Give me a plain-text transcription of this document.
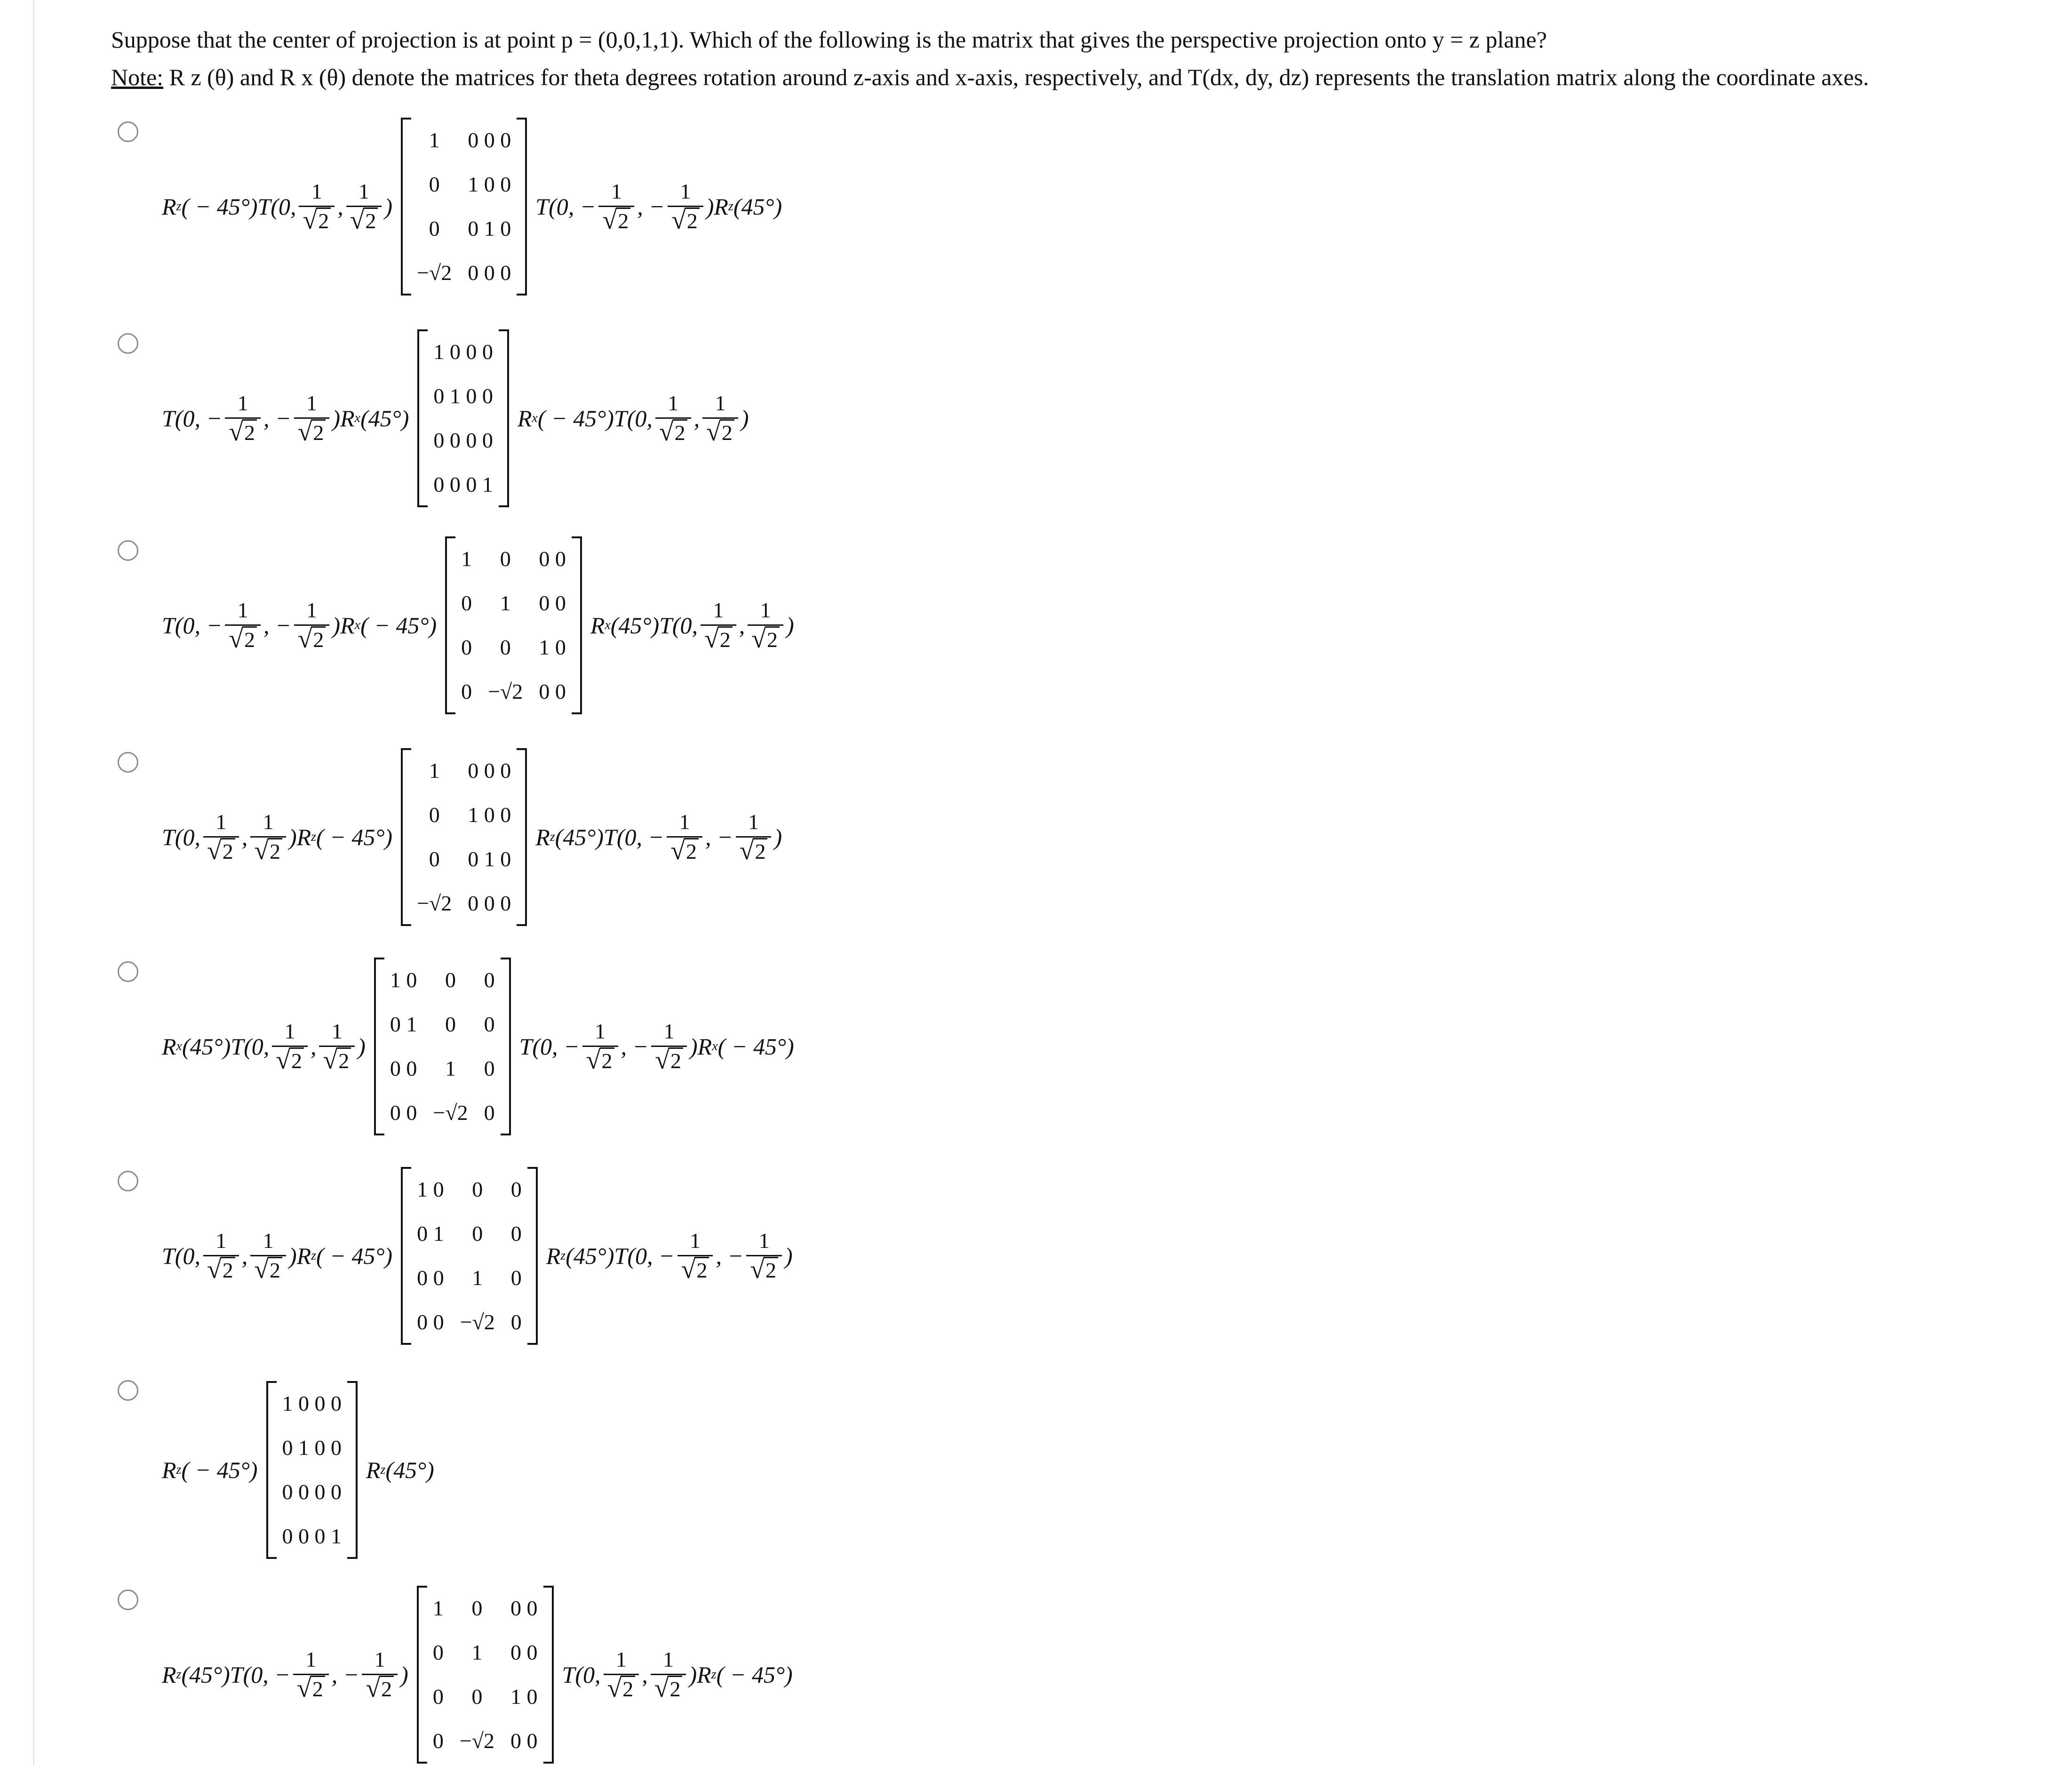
Suppose that the center of projection is at point p = (0,0,1,1). Which of the following is the matrix that gives the perspective projection onto y = z plane?
Note: R z (θ) and R x (θ) denote the matrices for theta degrees rotation around z-axis and x-axis, respectively, and T(dx, dy, dz) represents the translation matrix along the coordinate axes.
R z ( − 45°)T(0, $\frac{1}{√ 2}$ , $\frac{1}{√ 2}$ )
1 0 0 0
0 1 0 0
0 0 1 0
−√2 0 0 0
T(0, − $\frac{1}{√ 2}$ , − $\frac{1}{√ 2} )R$ z (45°)
T(0, − $\frac{1}{√ 2}$ , − $\frac{1}{√ 2} )R$ x (45°)
1 0 0 0
0 1 0 0
0 0 0 0
0 0 0 1
R x ( − 45°)T(0, $\frac{1}{√ 2}$ , $\frac{1}{√ 2}$ )
T(0, − $\frac{1}{√ 2}$ , − $\frac{1}{√ 2} )R$ x ( − 45°)
1 0 0 0
0 1 0 0
0 0 1 0
0 −√2 0 0
R x (45°)T(0, $\frac{1}{√ 2}$ , $\frac{1}{√ 2}$ )
T(0, $\frac{1}{√ 2}$ , $\frac{1}{√ 2} )R$ z ( − 45°)
1 0 0 0
0 1 0 0
0 0 1 0
−√2 0 0 0
R z (45°)T(0, − $\frac{1}{√ 2}$ , − $\frac{1}{√ 2}$ )
R x (45°)T(0, $\frac{1}{√ 2}$ , $\frac{1}{√ 2}$ )
1 0 0 0
0 1 0 0
0 0 1 0
0 0 −√2 0
T(0, − $\frac{1}{√ 2}$ , − $\frac{1}{√ 2} )R$ x ( − 45°)
T(0, $\frac{1}{√ 2}$ , $\frac{1}{√ 2} )R$ z ( − 45°)
1 0 0 0
0 1 0 0
0 0 1 0
0 0 −√2 0
R z (45°)T(0, − $\frac{1}{√ 2}$ , − $\frac{1}{√ 2}$ )
R z ( − 45°)
1 0 0 0
0 1 0 0
0 0 0 0
0 0 0 1
R z (45°)
R z (45°)T(0, − $\frac{1}{√ 2}$ , − $\frac{1}{√ 2}$ )
1 0 0 0
0 1 0 0
0 0 1 0
0 −√2 0 0
T(0, $\frac{1}{√ 2}$ , $\frac{1}{√ 2} )R$ z ( − 45°)
